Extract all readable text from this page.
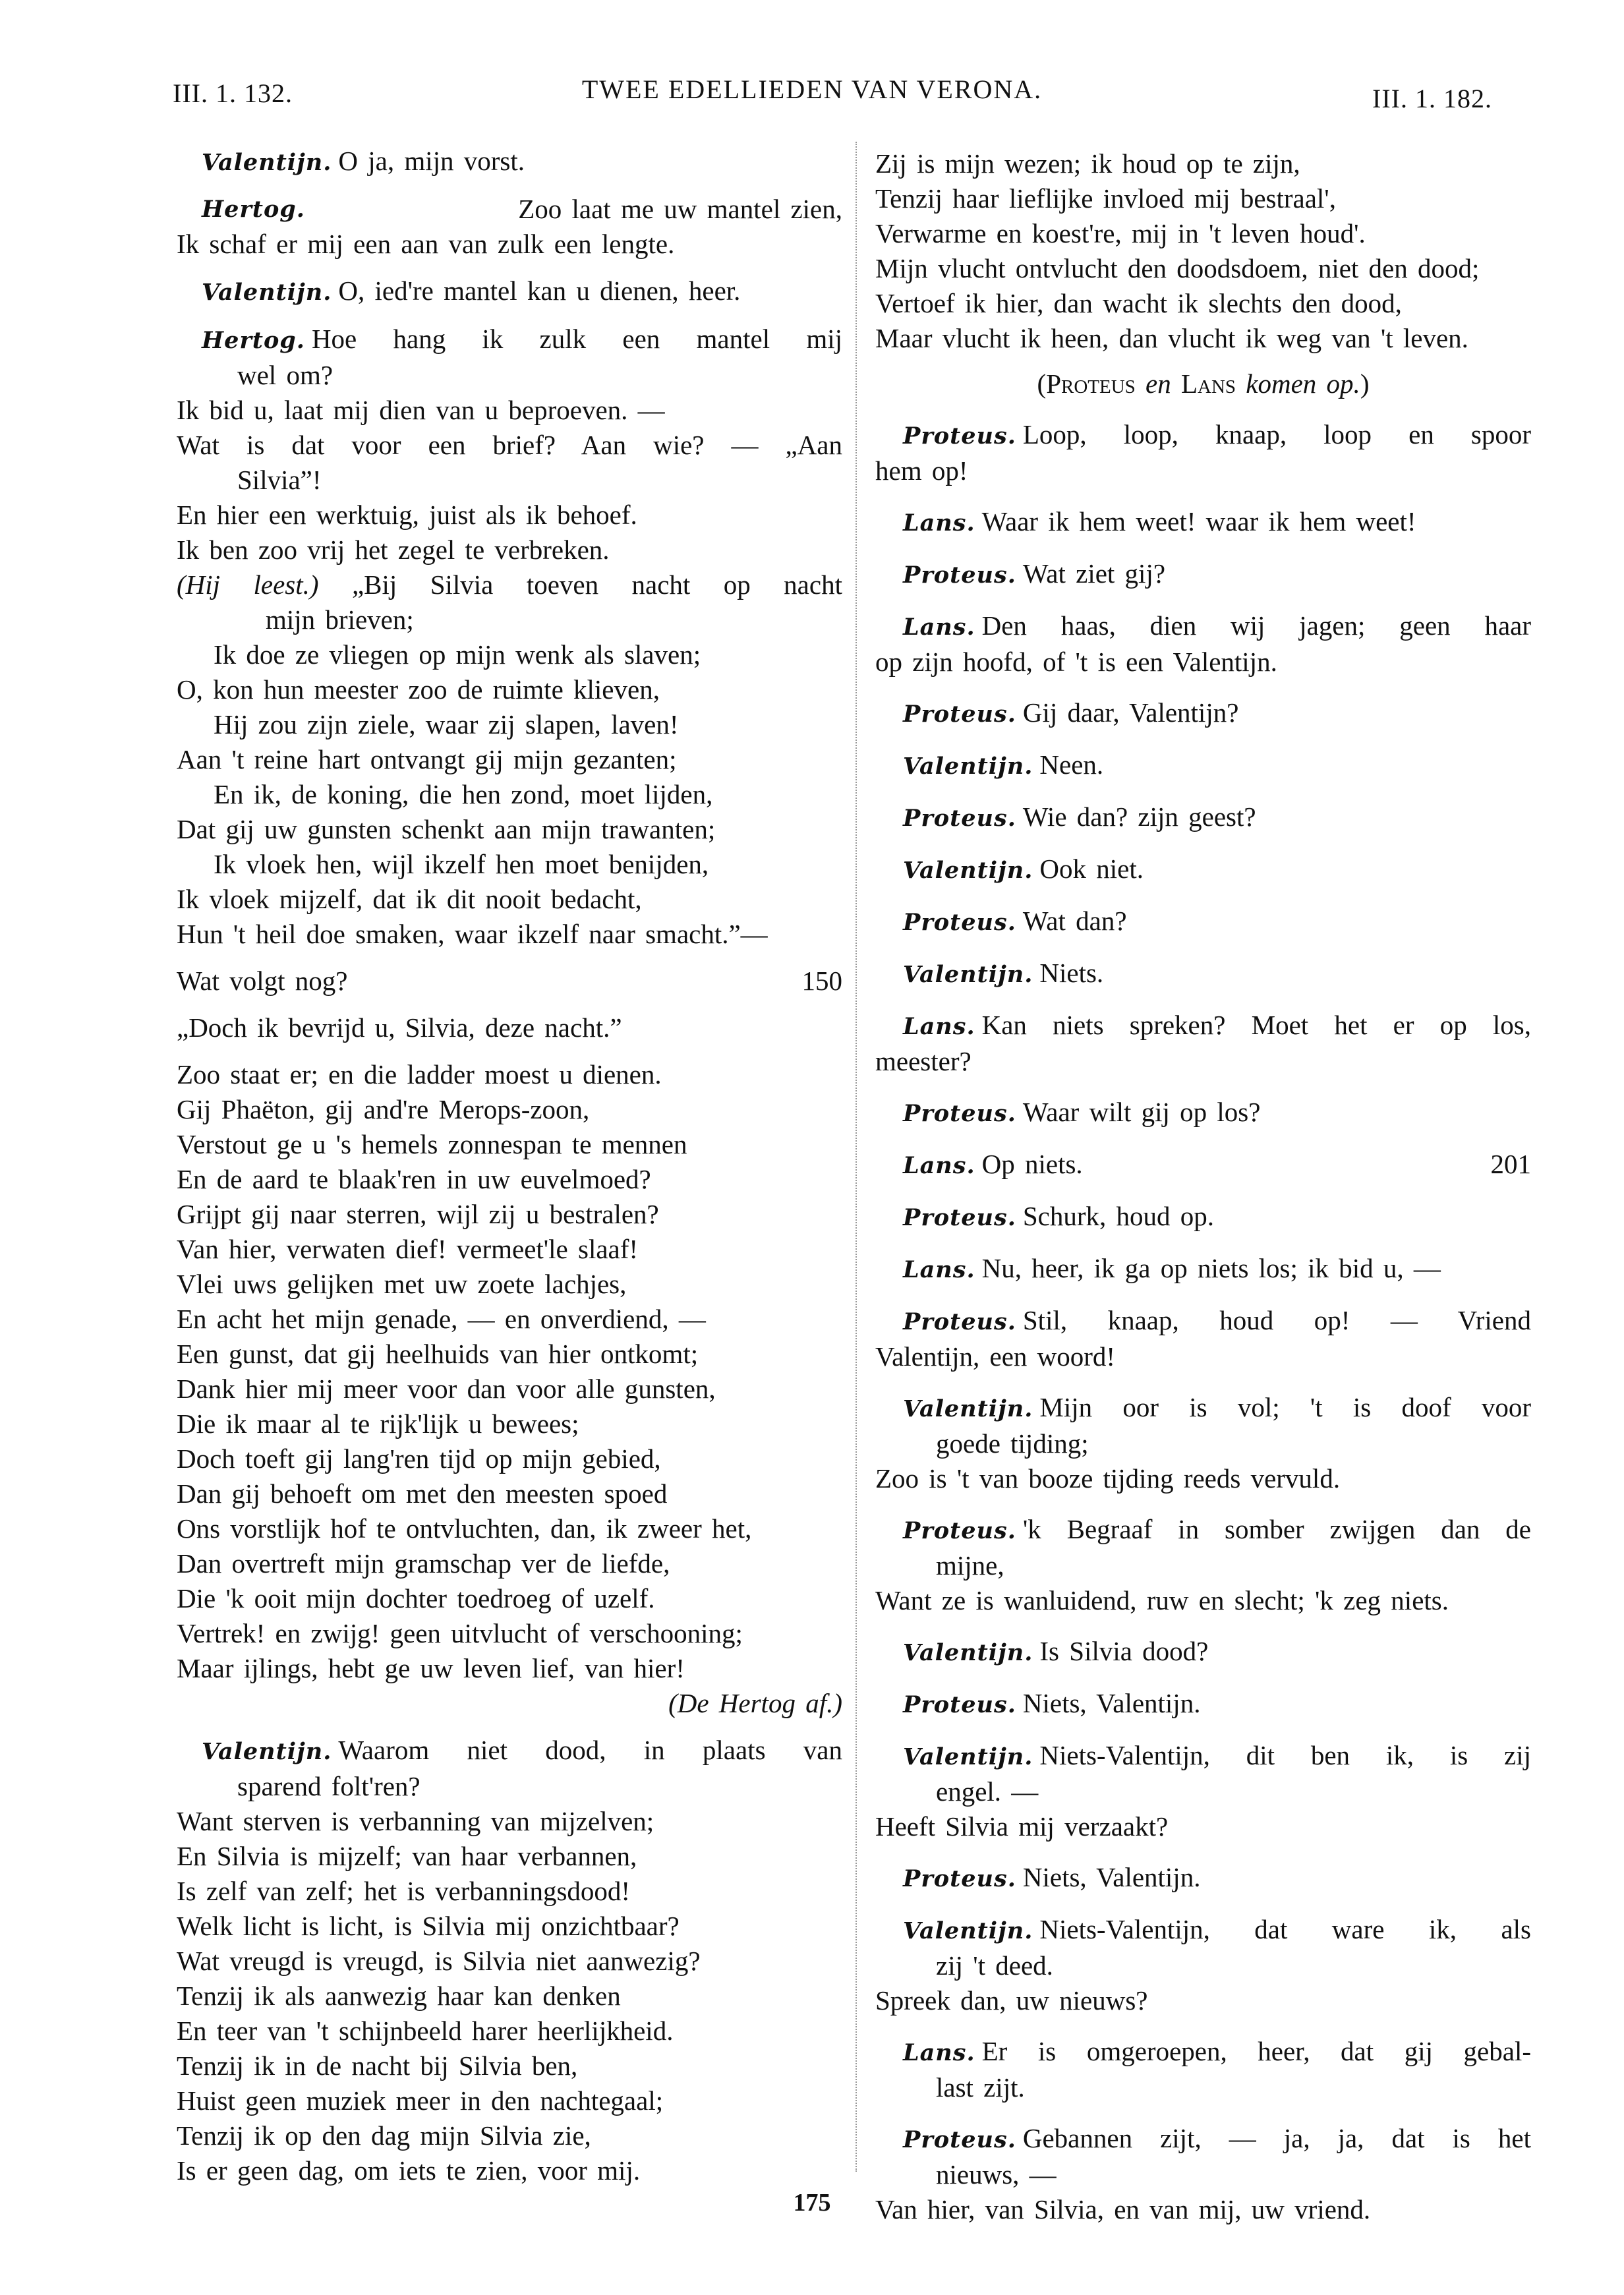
III. 1. 132.	TWEE EDELLIEDEN VAN VERONA.	III. 1. 182.
Valentijn. O ja, mijn vorst.
Hertog.	Zoo laat me uw mantel zien,
Ik schaf er mij een aan van zulk een lengte.
Valentijn. O, ied're mantel kan u dienen, heer.
Hertog. Hoe hang ik zulk een mantel mij
wel om?
Ik bid u, laat mij dien van u beproeven. —
Wat is dat voor een brief? Aan wie? — „Aan
Silvia”!
En hier een werktuig, juist als ik behoef.
Ik ben zoo vrij het zegel te verbreken.
(Hij leest.) „Bij Silvia toeven nacht op nacht
mijn brieven;
Ik doe ze vliegen op mijn wenk als slaven;
O, kon hun meester zoo de ruimte klieven,
Hij zou zijn ziele, waar zij slapen, laven!
Aan 't reine hart ontvangt gij mijn gezanten;
En ik, de koning, die hen zond, moet lijden,
Dat gij uw gunsten schenkt aan mijn trawanten;
Ik vloek hen, wijl ikzelf hen moet benijden,
Ik vloek mijzelf, dat ik dit nooit bedacht,
Hun 't heil doe smaken, waar ikzelf naar smacht.”—
Wat volgt nog?	150
„Doch ik bevrijd u, Silvia, deze nacht.”
Zoo staat er; en die ladder moest u dienen.
Gij Phaëton, gij and're Merops-zoon,
Verstout ge u 's hemels zonnespan te mennen
En de aard te blaak'ren in uw euvelmoed?
Grijpt gij naar sterren, wijl zij u bestralen?
Van hier, verwaten dief! vermeet'le slaaf!
Vlei uws gelijken met uw zoete lachjes,
En acht het mijn genade, — en onverdiend, —
Een gunst, dat gij heelhuids van hier ontkomt;
Dank hier mij meer voor dan voor alle gunsten,
Die ik maar al te rijk'lijk u bewees;
Doch toeft gij lang'ren tijd op mijn gebied,
Dan gij behoeft om met den meesten spoed
Ons vorstlijk hof te ontvluchten, dan, ik zweer het,
Dan overtreft mijn gramschap ver de liefde,
Die 'k ooit mijn dochter toedroeg of uzelf.
Vertrek! en zwijg! geen uitvlucht of verschooning;
Maar ijlings, hebt ge uw leven lief, van hier!
(De Hertog af.)
Valentijn. Waarom niet dood, in plaats van
sparend folt'ren?
Want sterven is verbanning van mijzelven;
En Silvia is mijzelf; van haar verbannen,
Is zelf van zelf; het is verbanningsdood!
Welk licht is licht, is Silvia mij onzichtbaar?
Wat vreugd is vreugd, is Silvia niet aanwezig?
Tenzij ik als aanwezig haar kan denken
En teer van 't schijnbeeld harer heerlijkheid.
Tenzij ik in de nacht bij Silvia ben,
Huist geen muziek meer in den nachtegaal;
Tenzij ik op den dag mijn Silvia zie,
Is er geen dag, om iets te zien, voor mij.
Zij is mijn wezen; ik houd op te zijn,
Tenzij haar lieflijke invloed mij bestraal',
Verwarme en koest're, mij in 't leven houd'.
Mijn vlucht ontvlucht den doodsdoem, niet den dood;
Vertoef ik hier, dan wacht ik slechts den dood,
Maar vlucht ik heen, dan vlucht ik weg van 't leven.
(Proteus en Lans komen op.)
Proteus. Loop, loop, knaap, loop en spoor
hem op!
Lans. Waar ik hem weet! waar ik hem weet!
Proteus. Wat ziet gij?
Lans. Den haas, dien wij jagen; geen haar
op zijn hoofd, of 't is een Valentijn.
Proteus. Gij daar, Valentijn?
Valentijn. Neen.
Proteus. Wie dan? zijn geest?
Valentijn. Ook niet.
Proteus. Wat dan?
Valentijn. Niets.
Lans. Kan niets spreken? Moet het er op los,
meester?
Proteus. Waar wilt gij op los?
Lans. Op niets.	201
Proteus. Schurk, houd op.
Lans. Nu, heer, ik ga op niets los; ik bid u, —
Proteus. Stil, knaap, houd op! — Vriend
Valentijn, een woord!
Valentijn. Mijn oor is vol; 't is doof voor
goede tijding;
Zoo is 't van booze tijding reeds vervuld.
Proteus. 'k Begraaf in somber zwijgen dan de
mijne,
Want ze is wanluidend, ruw en slecht; 'k zeg niets.
Valentijn. Is Silvia dood?
Proteus. Niets, Valentijn.
Valentijn. Niets-Valentijn, dit ben ik, is zij
engel. —
Heeft Silvia mij verzaakt?
Proteus. Niets, Valentijn.
Valentijn. Niets-Valentijn, dat ware ik, als
zij 't deed.
Spreek dan, uw nieuws?
Lans. Er is omgeroepen, heer, dat gij gebal-
last zijt.
Proteus. Gebannen zijt, — ja, ja, dat is het
nieuws, —
Van hier, van Silvia, en van mij, uw vriend.
175
